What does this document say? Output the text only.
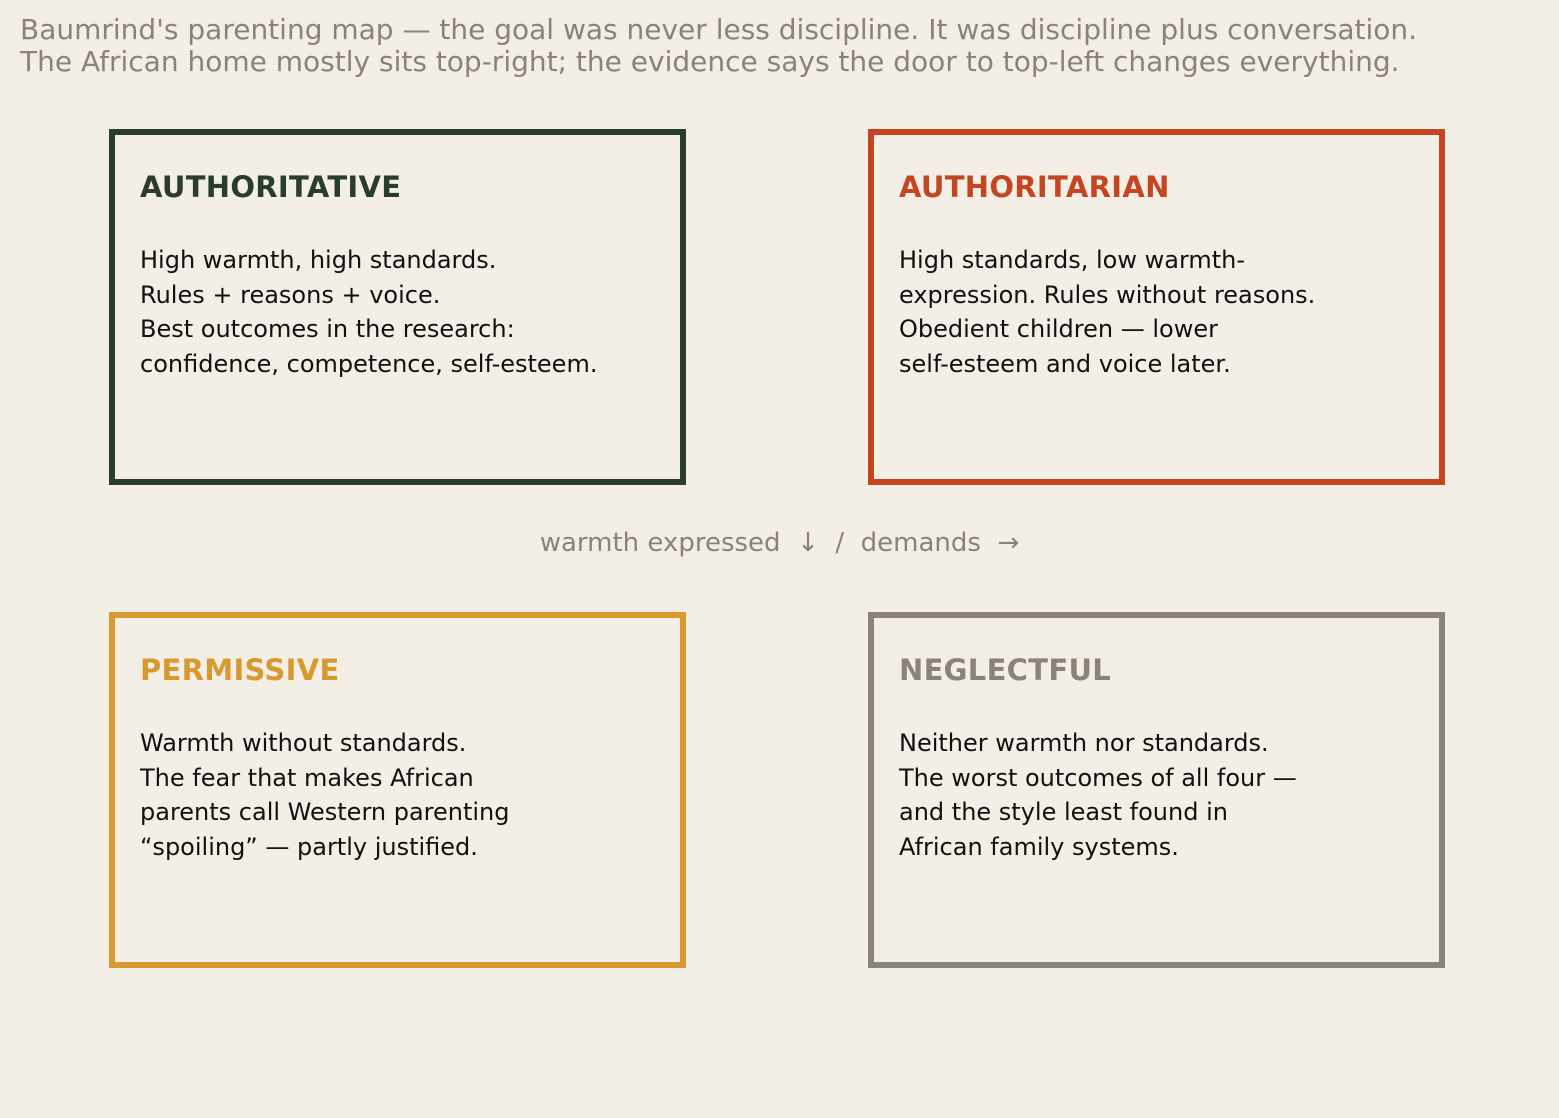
Baumrind's parenting map — the goal was never less discipline. It was discipline plus conversation.
The African home mostly sits top-right; the evidence says the door to top-left changes everything.
AUTHORITATIVE
High warmth, high standards.
Rules + reasons + voice.
Best outcomes in the research:
confidence, competence, self-esteem.
AUTHORITARIAN
High standards, low warmth-
expression. Rules without reasons.
Obedient children — lower
self-esteem and voice later.
warmth expressed  ↓  /  demands  →
PERMISSIVE
Warmth without standards.
The fear that makes African
parents call Western parenting
“spoiling” — partly justified.
NEGLECTFUL
Neither warmth nor standards.
The worst outcomes of all four —
and the style least found in
African family systems.
